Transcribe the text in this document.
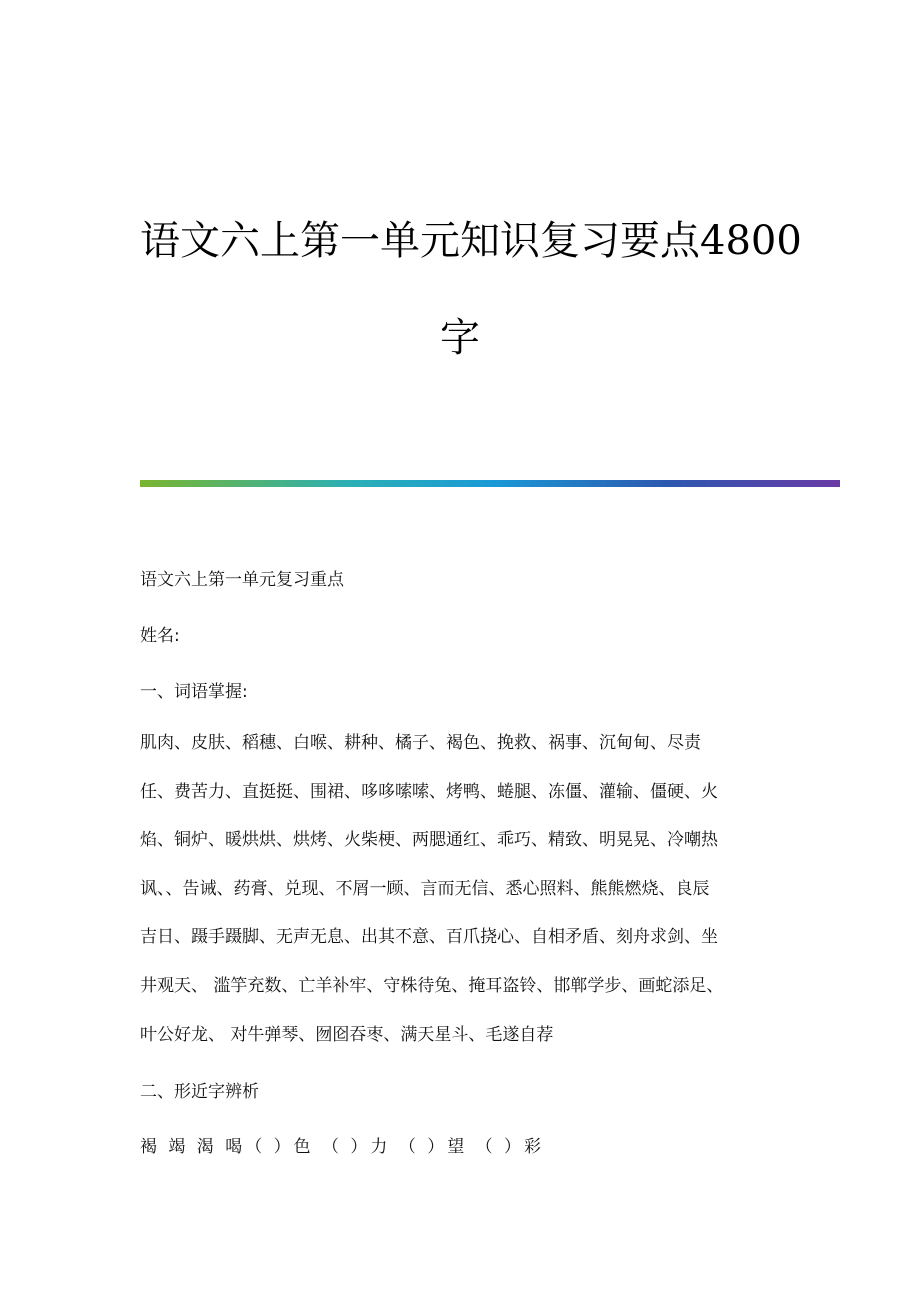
语文六上第一单元知识复习要点4800
字
语文六上第一单元复习重点
姓名:
一、词语掌握:
肌肉、皮肤、稻穗、白喉、耕种、橘子、褐色、挽救、祸事、沉甸甸、尽责
任、费苦力、直挺挺、围裙、哆哆嗦嗦、烤鸭、蜷腿、冻僵、灌输、僵硬、火
焰、铜炉、暖烘烘、烘烤、火柴梗、两腮通红、乖巧、精致、明晃晃、冷嘲热
讽、、告诫、药膏、兑现、不屑一顾、言而无信、悉心照料、熊熊燃烧、良辰
吉日、蹑手蹑脚、无声无息、出其不意、百爪挠心、自相矛盾、刻舟求剑、坐
井观天、 滥竽充数、亡羊补牢、守株待兔、掩耳盗铃、邯郸学步、画蛇添足、
叶公好龙、 对牛弹琴、囫囵吞枣、满天星斗、毛遂自荐
二、形近字辨析
褐 竭 渴 喝（ ）色 （ ）力 （ ）望 （ ）彩
